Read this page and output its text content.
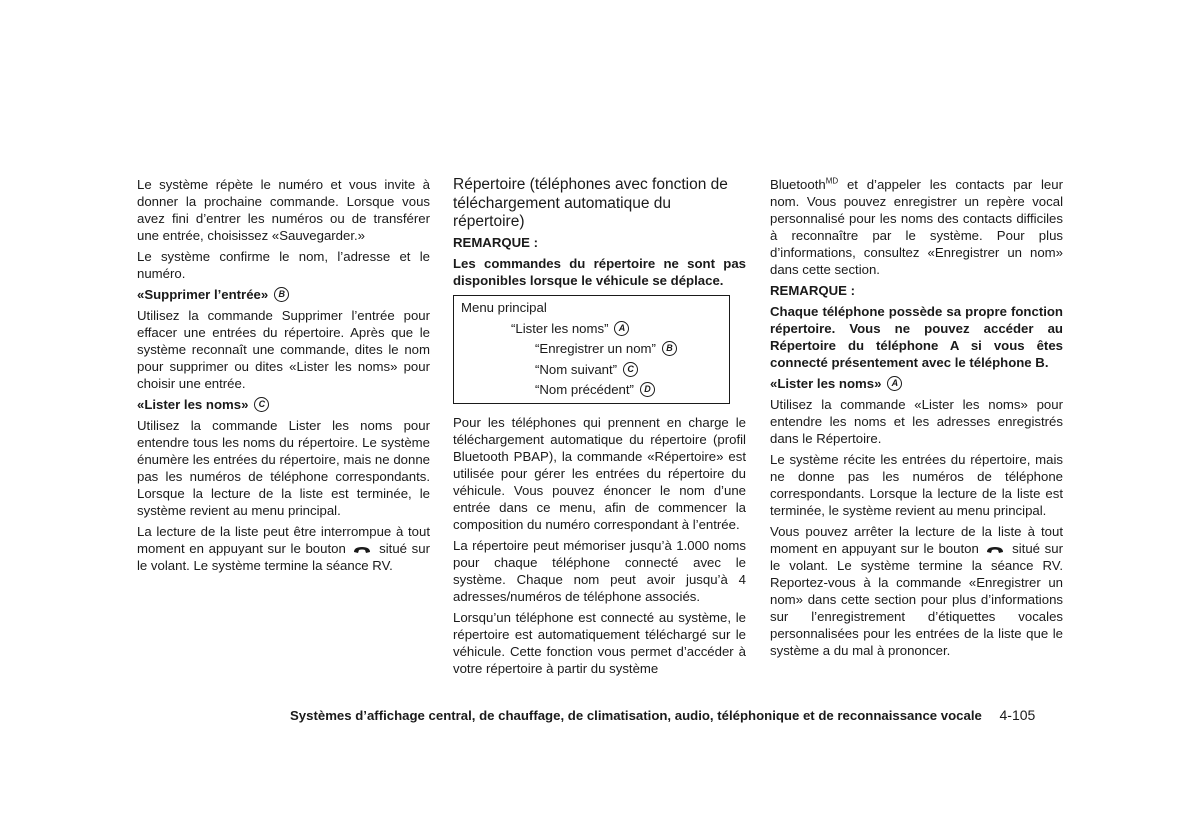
Le système répète le numéro et vous invite à donner la prochaine commande. Lorsque vous avez fini d’entrer les numéros ou de transférer une entrée, choisissez «Sauvegarder.»

Le système confirme le nom, l’adresse et le numéro.

«Supprimer l’entrée»	B

Utilisez la commande Supprimer l’entrée pour effacer une entrées du répertoire. Après que le système reconnaît une commande, dites le nom pour supprimer ou dites «Lister les noms» pour choisir une entrée.

«Lister les noms»	C

Utilisez la commande Lister les noms pour entendre tous les noms du répertoire. Le système énumère les entrées du répertoire, mais ne donne pas les numéros de téléphone correspondants. Lorsque la lecture de la liste est terminée, le système revient au menu principal.

La lecture de la liste peut être interrompue à tout moment en appuyant sur le bouton	situé sur le volant. Le système termine la séance RV.

Répertoire (téléphones avec fonction de téléchargement automatique du répertoire)

REMARQUE :

Les commandes du répertoire ne sont pas disponibles lorsque le véhicule se déplace.

Menu principal
“Lister les noms”	A
“Enregistrer un nom”	B
“Nom suivant”	C
“Nom précédent”	D

Pour les téléphones qui prennent en charge le téléchargement automatique du répertoire (profil Bluetooth PBAP), la commande «Répertoire» est utilisée pour gérer les entrées du répertoire du véhicule. Vous pouvez énoncer le nom d’une entrée dans ce menu, afin de commencer la composition du numéro correspondant à l’entrée.

La répertoire peut mémoriser jusqu’à 1.000 noms pour chaque téléphone connecté avec le système. Chaque nom peut avoir jusqu’à 4 adresses/numéros de téléphone associés.

Lorsqu’un téléphone est connecté au système, le répertoire est automatiquement téléchargé sur le véhicule. Cette fonction vous permet d’accéder à votre répertoire à partir du système

Bluetooth$^{MD}$ et d’appeler les contacts par leur nom. Vous pouvez enregistrer un repère vocal personnalisé pour les noms des contacts difficiles à reconnaître par le système. Pour plus d’informations, consultez «Enregistrer un nom» dans cette section.

REMARQUE :

Chaque téléphone possède sa propre fonction répertoire. Vous ne pouvez accéder au Répertoire du téléphone A si vous êtes connecté présentement avec le téléphone B.

«Lister les noms»	A

Utilisez la commande «Lister les noms» pour entendre les noms et les adresses enregistrés dans le Répertoire.

Le système récite les entrées du répertoire, mais ne donne pas les numéros de téléphone correspondants. Lorsque la lecture de la liste est terminée, le système revient au menu principal.

Vous pouvez arrêter la lecture de la liste à tout moment en appuyant sur le bouton	situé sur le volant. Le système termine la séance RV. Reportez-vous à la commande «Enregistrer un nom» dans cette section pour plus d’informations sur l’enregistrement d’étiquettes vocales personnalisées pour les entrées de la liste que le système a du mal à prononcer.

Systèmes d’affichage central, de chauffage, de climatisation, audio, téléphonique et de reconnaissance vocale 4-105
